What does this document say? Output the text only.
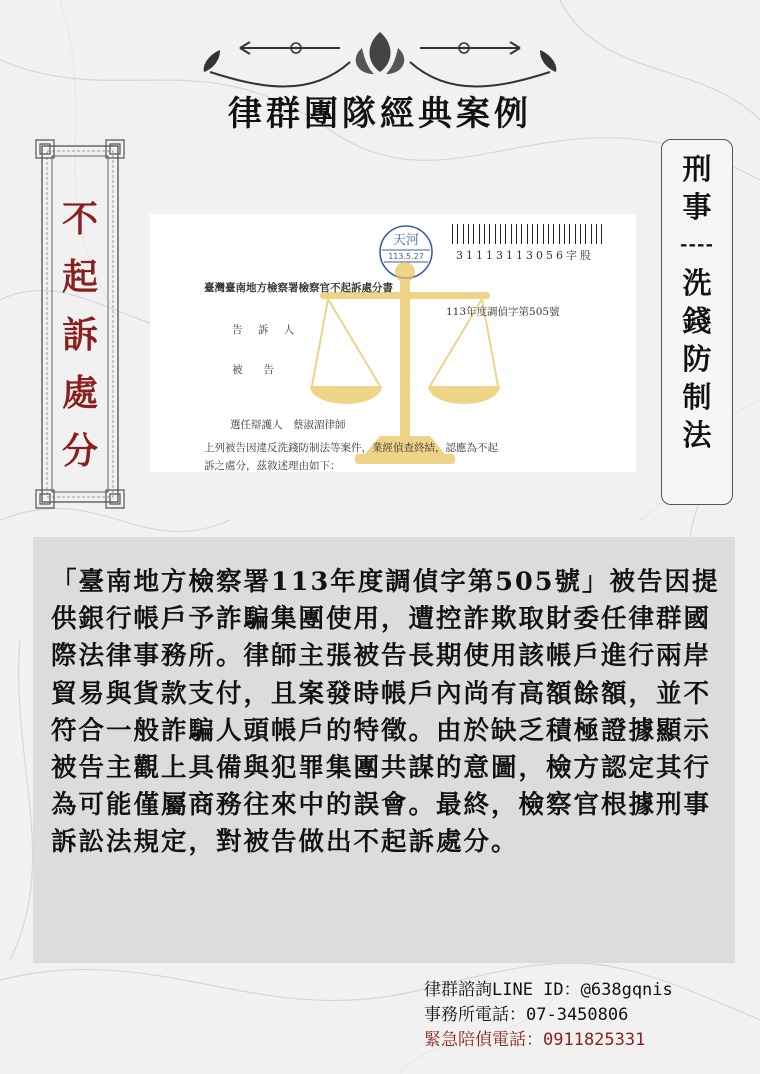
律群團隊經典案例
不
起
訴
處
分
刑
事
----
洗
錢
防
制
法
天河
113.5.27	31113113056字股
臺灣臺南地方檢察署檢察官不起訴處分書
113年度調偵字第505號
告 訴 人
被　　告
選任辯護人　蔡淑湄律師
上列被告因違反洗錢防制法等案件，業經偵查終結，認應為不起
訴之處分，茲敘述理由如下：

「臺南地方檢察署113年度調偵字第505號」被告因提供銀行帳戶予詐騙集團使用，遭控詐欺取財委任律群國際法律事務所。律師主張被告長期使用該帳戶進行兩岸貿易與貨款支付，且案發時帳戶內尚有高額餘額，並不符合一般詐騙人頭帳戶的特徵。由於缺乏積極證據顯示被告主觀上具備與犯罪集團共謀的意圖，檢方認定其行為可能僅屬商務往來中的誤會。最終，檢察官根據刑事訴訟法規定，對被告做出不起訴處分。

律群諮詢LINE ID：@638gqnis
事務所電話：07-3450806
緊急陪偵電話：0911825331
